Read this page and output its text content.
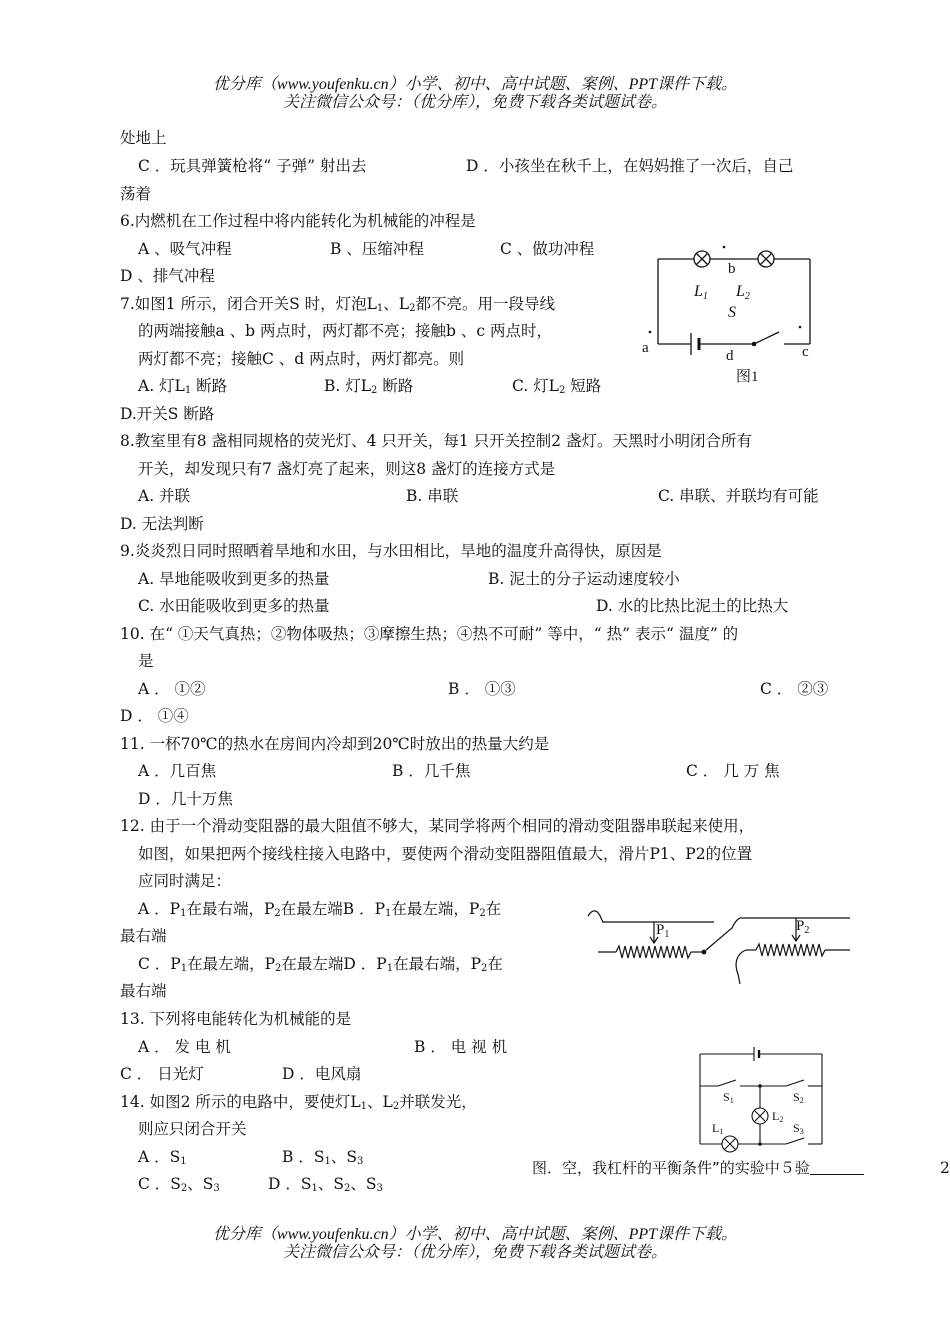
优分库（www.youfenku.cn）小学、初中、高中试题、案例、PPT课件下载。
关注微信公众号：（优分库），免费下载各类试题试卷。
处地上
C ．玩具弹簧枪将“ 子弹” 射出去	D ．小孩坐在秋千上，在妈妈推了一次后，自己
荡着
6.内燃机在工作过程中将内能转化为机械能的冲程是
A 、吸气冲程	B 、压缩冲程	C 、做功冲程
D 、排气冲程
7.如图1 所示，闭合开关S 时，灯泡$L_1$、$L_2$都不亮。用一段导线
的两端接触a 、b 两点时，两灯都不亮；接触b 、c 两点时，
两灯都不亮；接触C 、d 两点时，两灯都亮。则
A. 灯$L_1$ 断路	B. 灯$L_2$ 断路	C. 灯$L_2$ 短路
D.开关S 断路
8.教室里有8 盏相同规格的荧光灯、4 只开关，每1 只开关控制2 盏灯。天黑时小明闭合所有
开关，却发现只有7 盏灯亮了起来，则这8 盏灯的连接方式是
A. 并联	B. 串联	C. 串联、并联均有可能
D. 无法判断
9.炎炎烈日同时照晒着旱地和水田，与水田相比，旱地的温度升高得快，原因是
A. 旱地能吸收到更多的热量	B. 泥土的分子运动速度较小
C. 水田能吸收到更多的热量	D. 水的比热比泥土的比热大
10. 在“ ①天气真热；②物体吸热；③摩擦生热；④热不可耐” 等中，“ 热” 表示“ 温度” 的
是
A ． ①②	B ． ①③	C ． ②③
D ． ①④
11. 一杯70℃的热水在房间内冷却到20℃时放出的热量大约是
A ．几百焦	B ．几千焦	C ． 几 万 焦
D ．几十万焦
12. 由于一个滑动变阻器的最大阻值不够大，某同学将两个相同的滑动变阻器串联起来使用，
如图，如果把两个接线柱接入电路中，要使两个滑动变阻器阻值最大，滑片P1、P2的位置
应同时满足：
A ．$P_1$在最右端，$P_2$在最左端B ．$P_1$在最左端，$P_2$在
最右端
C ．$P_1$在最左端，$P_2$在最左端D ．$P_1$在最右端，$P_2$在
最右端
13. 下列将电能转化为机械能的是
A ． 发 电 机	B ． 电 视 机
C ． 日光灯	D ．电风扇
14. 如图2 所示的电路中，要使灯$L_1$、$L_2$并联发光，
则应只闭合开关
A ．$S_1$	B ．$S_1$、$S_3$
C ．$S_2$、$S_3$	D ．$S_1$、$S_2$、$S_3$
图．空，我杠杆的平衡条件”的实验中５验	2
b
L1 L2
S
a	d	c
图1
$P_1$
$P_2$
S1	S2
L2
S3
L1
优分库（www.youfenku.cn）小学、初中、高中试题、案例、PPT课件下载。
关注微信公众号：（优分库），免费下载各类试题试卷。
